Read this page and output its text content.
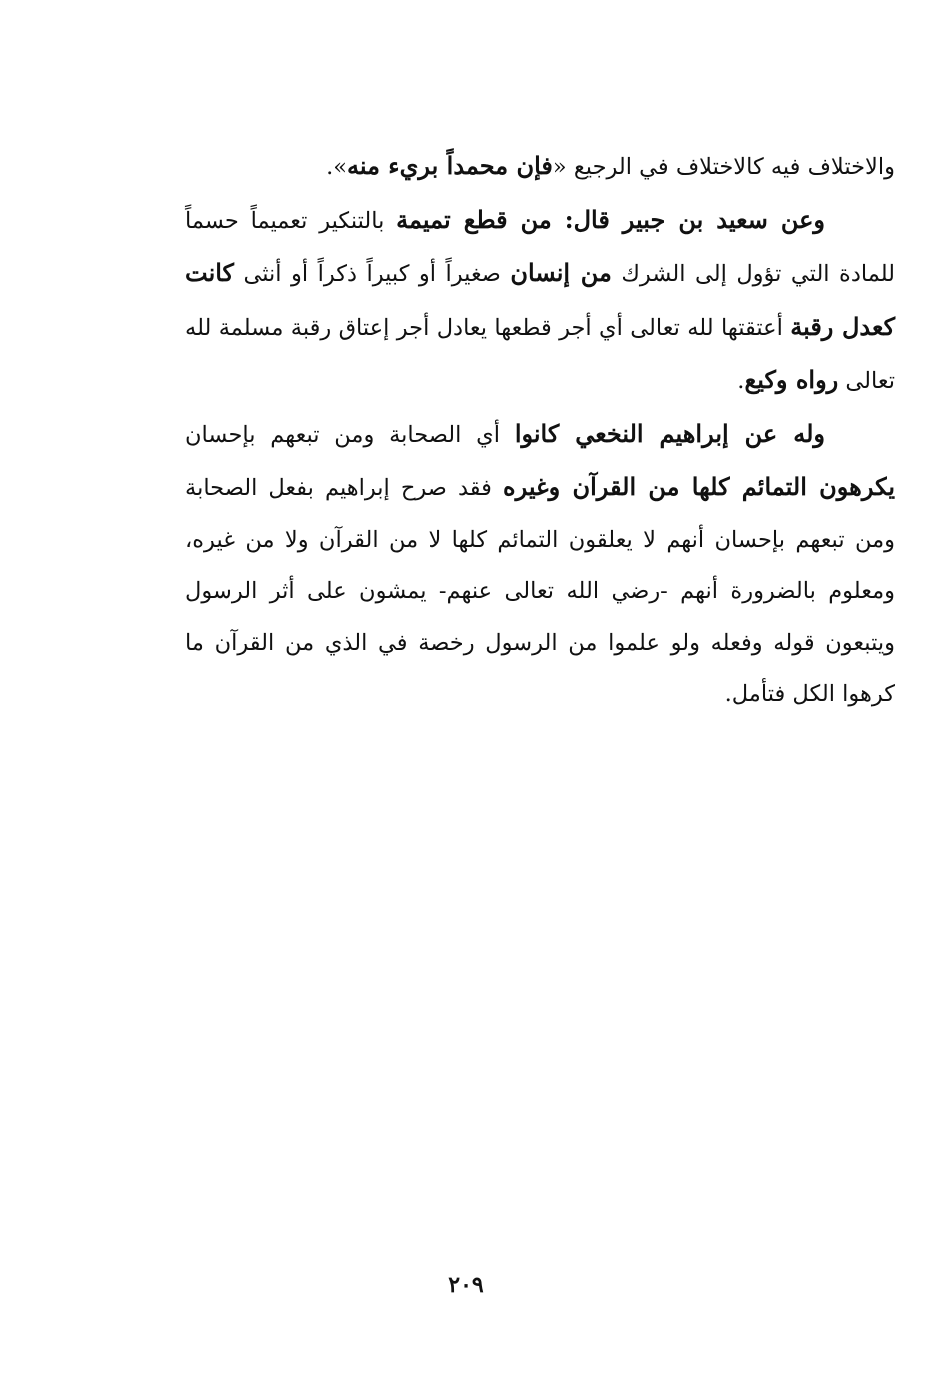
والاختلاف فيه كالاختلاف في الرجيع «فإن محمداً بريء منه».

وعن سعيد بن جبير قال: من قطع تميمة بالتنكير تعميماً حسماً للمادة التي تؤول إلى الشرك من إنسان صغيراً أو كبيراً ذكراً أو أنثى كانت كعدل رقبة أعتقتها لله تعالى أي أجر قطعها يعادل أجر إعتاق رقبة مسلمة لله تعالى رواه وكيع.

وله عن إبراهيم النخعي كانوا أي الصحابة ومن تبعهم بإحسان يكرهون التمائم كلها من القرآن وغيره فقد صرح إبراهيم بفعل الصحابة ومن تبعهم بإحسان أنهم لا يعلقون التمائم كلها لا من القرآن ولا من غيره، ومعلوم بالضرورة أنهم -رضي الله تعالى عنهم- يمشون على أثر الرسول ويتبعون قوله وفعله ولو علموا من الرسول رخصة في الذي من القرآن ما كرهوا الكل فتأمل.

٢٠٩
